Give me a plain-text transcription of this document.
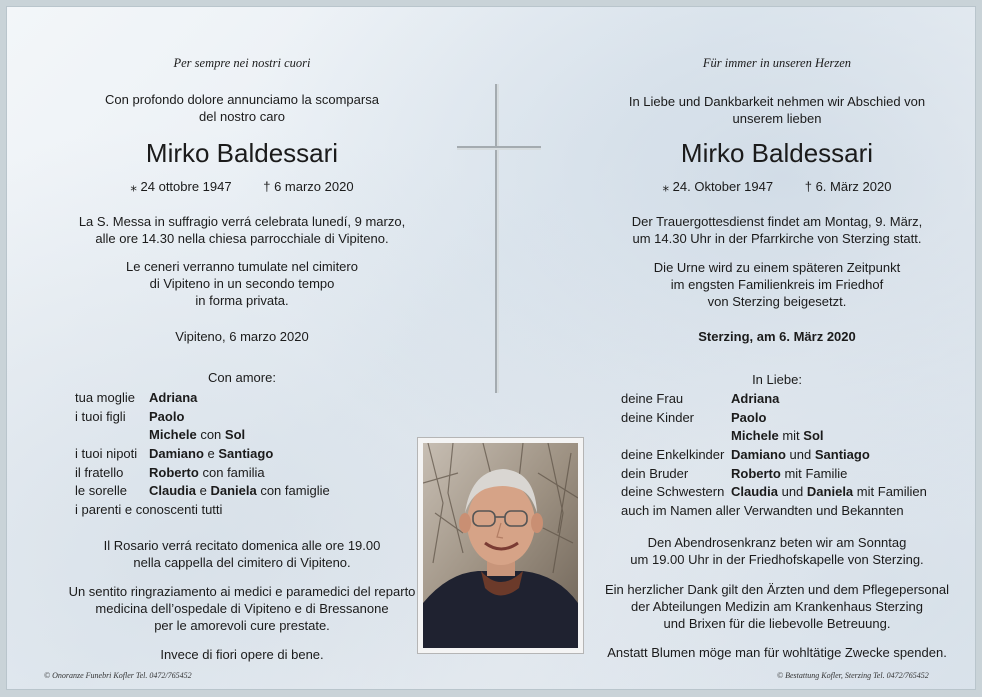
Per sempre nei nostri cuori
Con profondo dolore annunciamo la scomparsa
del nostro caro
Mirko Baldessari
⁎ 24 ottobre 1947 † 6 marzo 2020
La S. Messa in suffragio verrá celebrata lunedí, 9 marzo,
alle ore 14.30 nella chiesa parrocchiale di Vipiteno.
Le ceneri verranno tumulate nel cimitero
di Vipiteno in un secondo tempo
in forma privata.
Vipiteno, 6 marzo 2020
Con amore:
Il Rosario verrá recitato domenica alle ore 19.00
nella cappella del cimitero di Vipiteno.
Un sentito ringraziamento ai medici e paramedici del reparto
medicina dell’ospedale di Vipiteno e di Bressanone
per le amorevoli cure prestate.
Invece di fiori opere di bene.
tua moglie Adriana
i tuoi figli Paolo
Michele con Sol
i tuoi nipoti Damiano e Santiago
il fratello Roberto con familia
le sorelle Claudia e Daniela con famiglie
i parenti e conoscenti tutti
Für immer in unseren Herzen
In Liebe und Dankbarkeit nehmen wir Abschied von
unserem lieben
Mirko Baldessari
⁎ 24. Oktober 1947 † 6. März 2020
Der Trauergottesdienst findet am Montag, 9. März,
um 14.30 Uhr in der Pfarrkirche von Sterzing statt.
Die Urne wird zu einem späteren Zeitpunkt
im engsten Familienkreis im Friedhof
von Sterzing beigesetzt.
Sterzing, am 6. März 2020
In Liebe:
Den Abendrosenkranz beten wir am Sonntag
um 19.00 Uhr in der Friedhofskapelle von Sterzing.
Ein herzlicher Dank gilt den Ärzten und dem Pflegepersonal
der Abteilungen Medizin am Krankenhaus Sterzing
und Brixen für die liebevolle Betreuung.
Anstatt Blumen möge man für wohltätige Zwecke spenden.
deine Frau	Adriana
deine Kinder	Paolo
Michele mit Sol
deine Enkelkinder Damiano und Santiago
dein Bruder	Roberto mit Familie
deine Schwestern Claudia und Daniela mit Familien
auch im Namen aller Verwandten und Bekannten
© Onoranze Funebri Kofler Tel. 0472/765452	© Bestattung Kofler, Sterzing Tel. 0472/765452
